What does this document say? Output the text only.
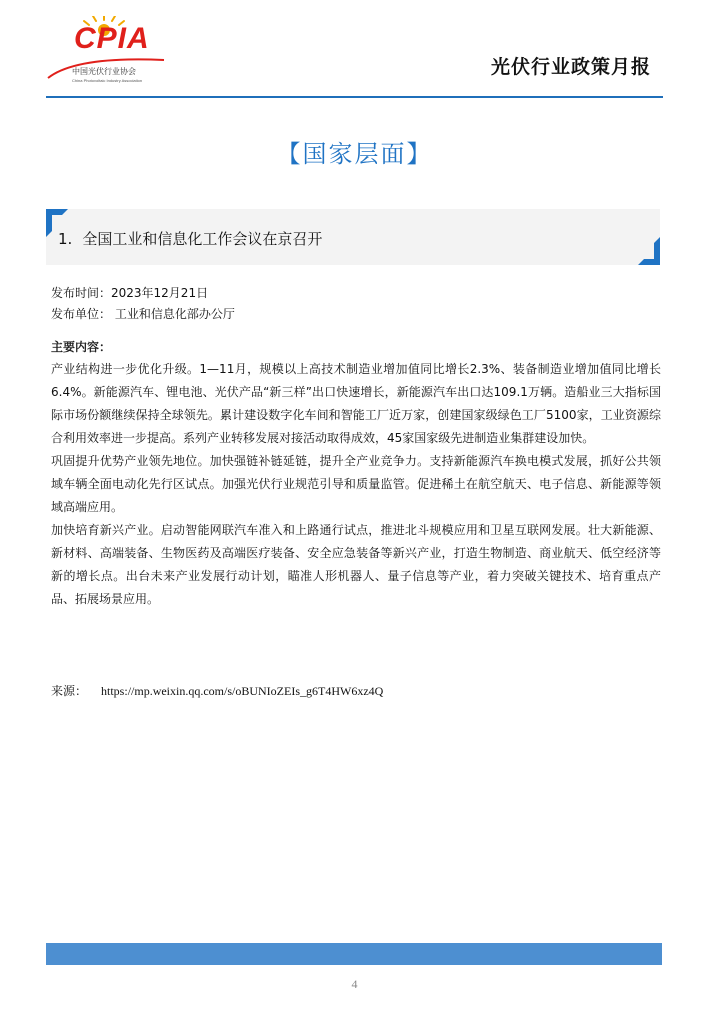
CPIA
中国光伏行业协会
China Photovoltaic Industry Association
光伏行业政策月报
【国家层面】
1. 全国工业和信息化工作会议在京召开
发布时间：2023年12月21日
发布单位： 工业和信息化部办公厅
主要内容：

产业结构进一步优化升级。1—11月，规模以上高技术制造业增加值同比增长2.3%、装备制造业增加值同比增长6.4%。新能源汽车、锂电池、光伏产品“新三样”出口快速增长，新能源汽车出口达109.1万辆。造船业三大指标国际市场份额继续保持全球领先。累计建设数字化车间和智能工厂近万家，创建国家级绿色工厂5100家，工业资源综合利用效率进一步提高。系列产业转移发展对接活动取得成效，45家国家级先进制造业集群建设加快。

巩固提升优势产业领先地位。加快强链补链延链，提升全产业竞争力。支持新能源汽车换电模式发展，抓好公共领域车辆全面电动化先行区试点。加强光伏行业规范引导和质量监管。促进稀土在航空航天、电子信息、新能源等领域高端应用。

加快培育新兴产业。启动智能网联汽车准入和上路通行试点，推进北斗规模应用和卫星互联网发展。壮大新能源、新材料、高端装备、生物医药及高端医疗装备、安全应急装备等新兴产业，打造生物制造、商业航天、低空经济等新的增长点。出台未来产业发展行动计划，瞄准人形机器人、量子信息等产业，着力突破关键技术、培育重点产品、拓展场景应用。

来源： https://mp.weixin.qq.com/s/oBUNIoZEIs_g6T4HW6xz4Q
4
